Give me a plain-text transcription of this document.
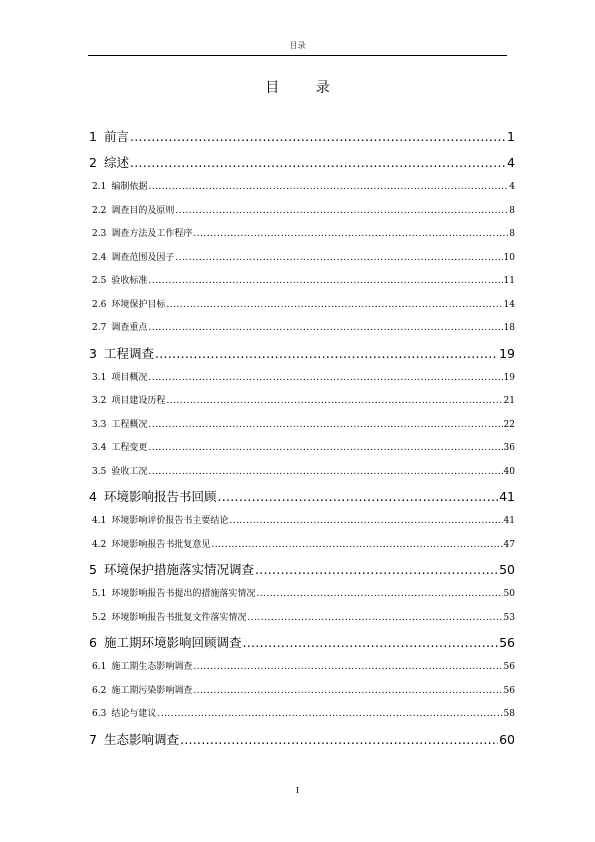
目录
目 录
1 前言 .....	1
2 综述 .....	4
2.1 编制依据 .....	4
2.2 调查目的及原则 .....	8
2.3 调查方法及工作程序 .....	8
2.4 调查范围及因子 .....	10
2.5 验收标准 .....	11
2.6 环境保护目标 .....	14
2.7 调查重点 .....	18
3 工程调查 .....	19
3.1 项目概况 .....	19
3.2 项目建设历程 .....	21
3.3 工程概况 .....	22
3.4 工程变更 .....	36
3.5 验收工况 .....	40
4 环境影响报告书回顾 .....	41
4.1 环境影响评价报告书主要结论 .....	41
4.2 环境影响报告书批复意见 .....	47
5 环境保护措施落实情况调查 .....	50
5.1 环境影响报告书提出的措施落实情况 .....	50
5.2 环境影响报告书批复文件落实情况 .....	53
6 施工期环境影响回顾调查 .....	56
6.1 施工期生态影响调查 .....	56
6.2 施工期污染影响调查 .....	56
6.3 结论与建议 .....	58
7 生态影响调查 .....	60
I
